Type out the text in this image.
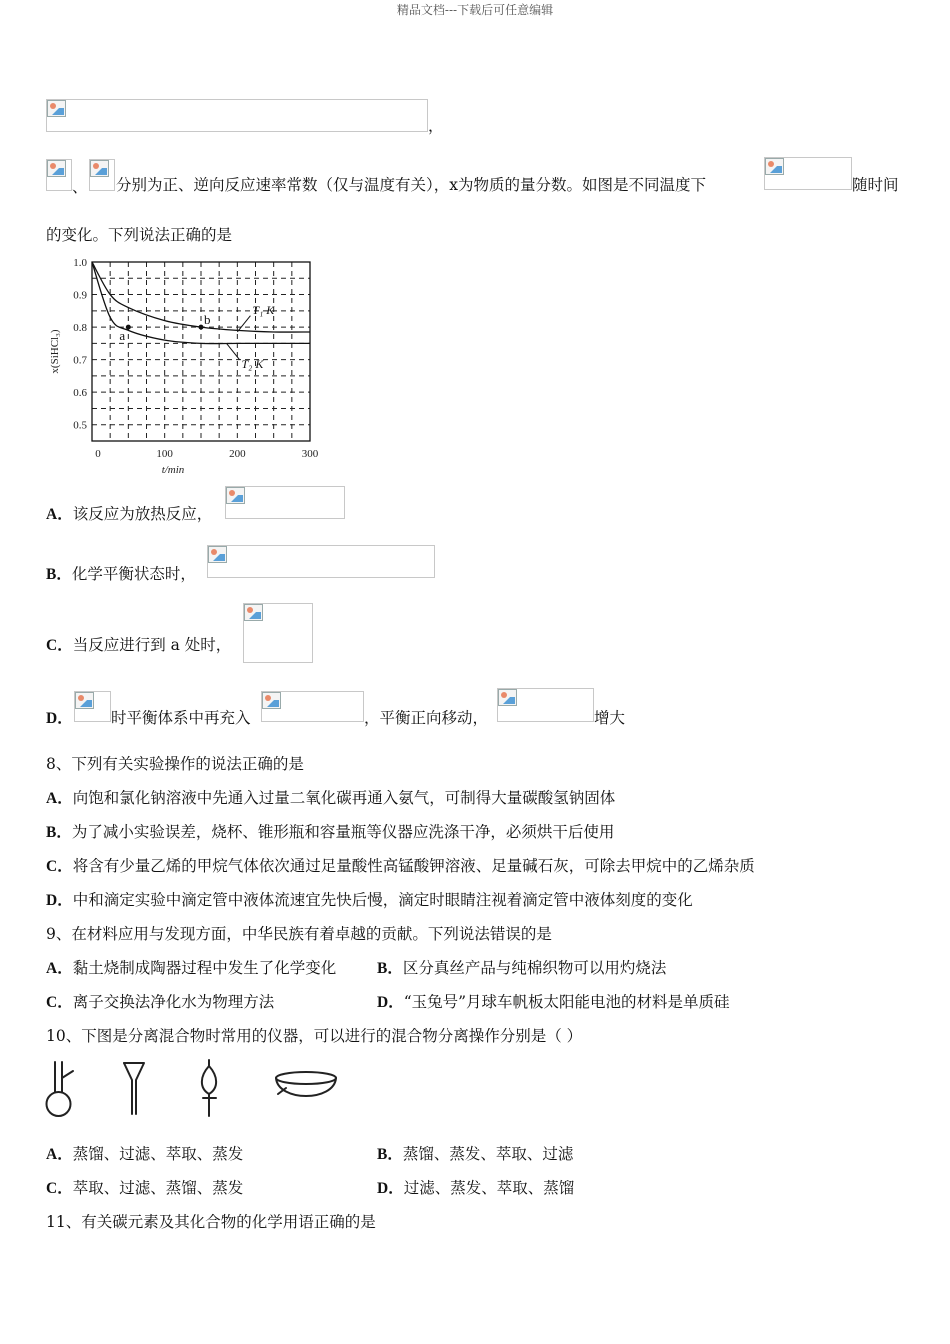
精品文档---下载后可任意编辑
，
、 分别为正、逆向反应速率常数（仅与温度有关），x为物质的量分数。如图是不同温度下	随时间
的变化。下列说法正确的是
0.5
0.6
0.7
0.8
0.9
1.0
0	100	200	300
t/min
x(SiHCl₃)	a
b
T₁ K
T₂ K
A．该反应为放热反应，
B．化学平衡状态时，
C．当反应进行到 a 处时，
D． 时平衡体系中再充入	，平衡正向移动，	增大
8、下列有关实验操作的说法正确的是
A．向饱和氯化钠溶液中先通入过量二氧化碳再通入氨气，可制得大量碳酸氢钠固体
B．为了减小实验误差，烧杯、锥形瓶和容量瓶等仪器应洗涤干净，必须烘干后使用
C．将含有少量乙烯的甲烷气体依次通过足量酸性高锰酸钾溶液、足量碱石灰，可除去甲烷中的乙烯杂质
D．中和滴定实验中滴定管中液体流速宜先快后慢，滴定时眼睛注视着滴定管中液体刻度的变化
9、在材料应用与发现方面，中华民族有着卓越的贡献。下列说法错误的是
A．黏土烧制成陶器过程中发生了化学变化	B．区分真丝产品与纯棉织物可以用灼烧法
C．离子交换法净化水为物理方法	D．“玉兔号”月球车帆板太阳能电池的材料是单质硅
10、下图是分离混合物时常用的仪器，可以进行的混合物分离操作分别是（ ）
A．蒸馏、过滤、萃取、蒸发	B．蒸馏、蒸发、萃取、过滤
C．萃取、过滤、蒸馏、蒸发	D．过滤、蒸发、萃取、蒸馏
11、有关碳元素及其化合物的化学用语正确的是
